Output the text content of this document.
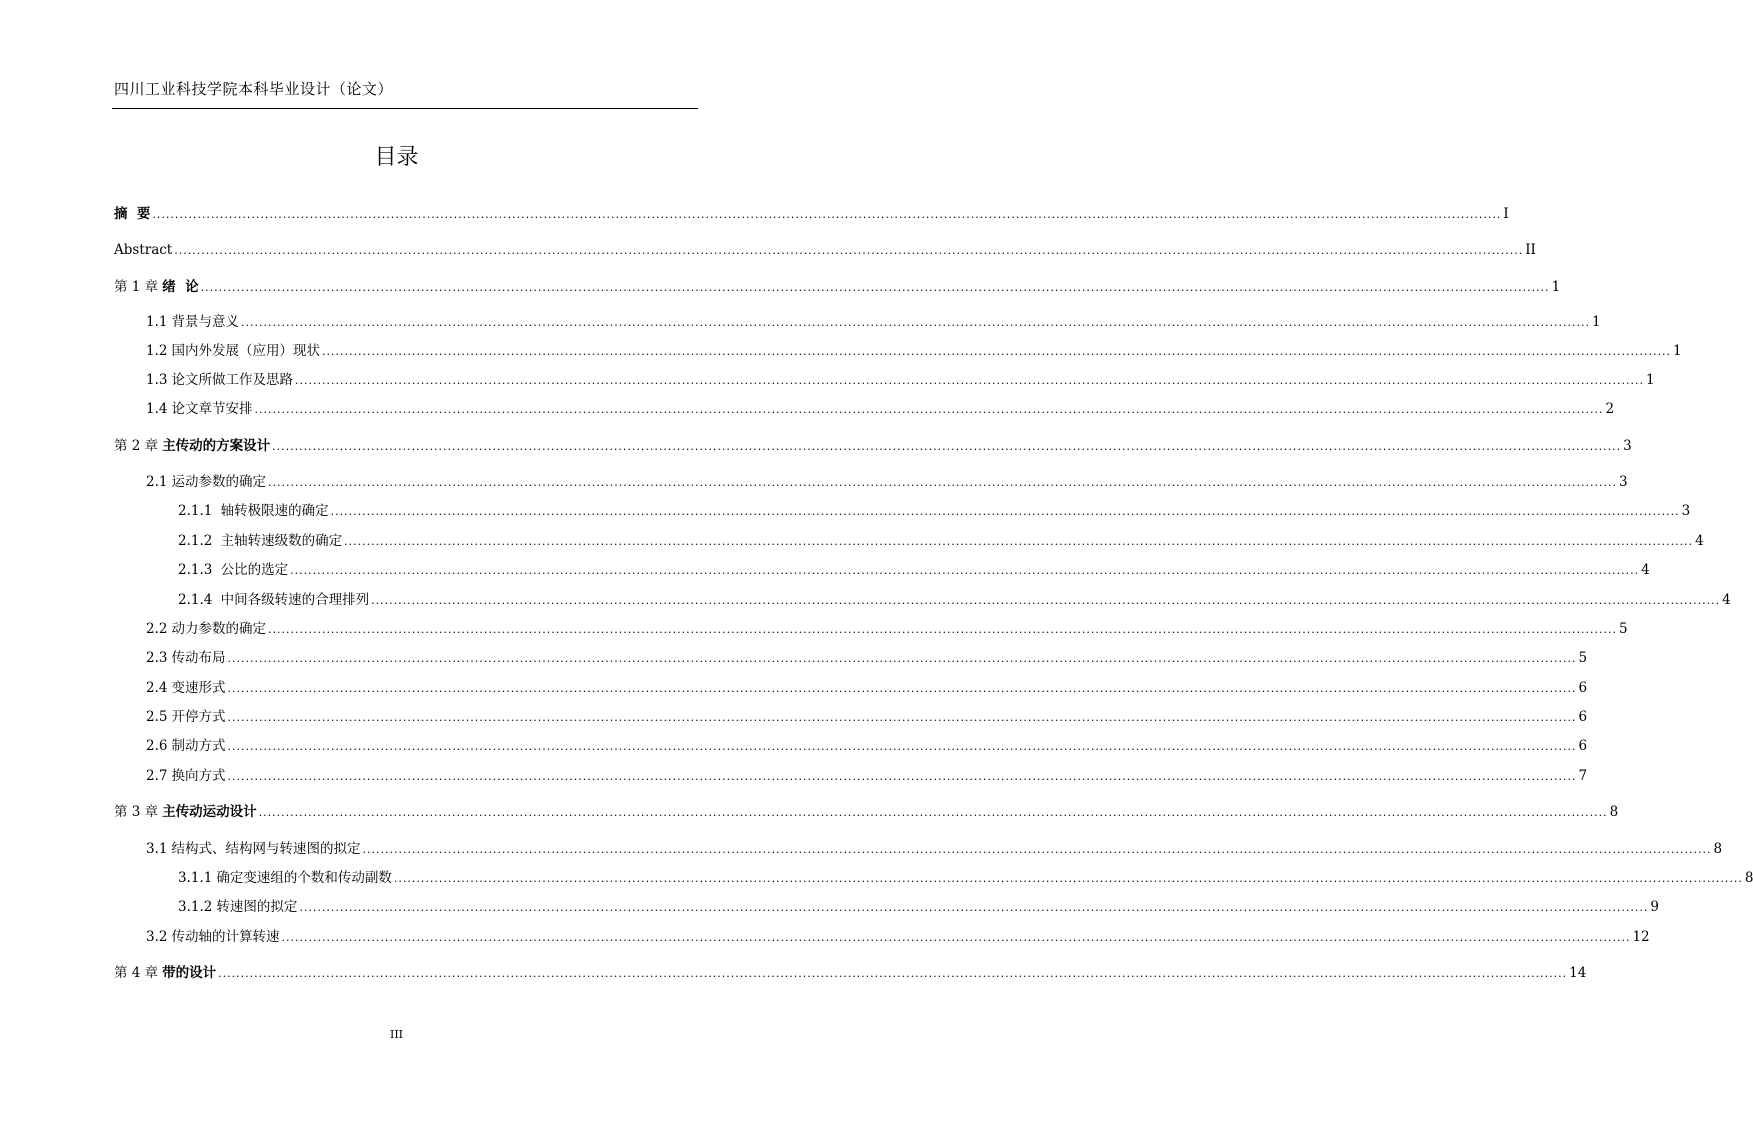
四川工业科技学院本科毕业设计（论文）
目录
摘  要 ............................................................................................................................................................................................................................................................................................................ I
Abstract ............................................................................................................................................................................................................................................................................................................ II
第 1 章 绪  论 ............................................................................................................................................................................................................................................................................................................ 1
1.1 背景与意义 ............................................................................................................................................................................................................................................................................................................ 1
1.2 国内外发展（应用）现状 ............................................................................................................................................................................................................................................................................................................ 1
1.3 论文所做工作及思路 ............................................................................................................................................................................................................................................................................................................ 1
1.4 论文章节安排 ............................................................................................................................................................................................................................................................................................................ 2
第 2 章 主传动的方案设计 ............................................................................................................................................................................................................................................................................................................ 3
2.1 运动参数的确定 ............................................................................................................................................................................................................................................................................................................ 3
2.1.1 轴转极限速的确定 ............................................................................................................................................................................................................................................................................................................ 3
2.1.2 主轴转速级数的确定 ............................................................................................................................................................................................................................................................................................................ 4
2.1.3 公比的选定 ............................................................................................................................................................................................................................................................................................................ 4
2.1.4 中间各级转速的合理排列 ............................................................................................................................................................................................................................................................................................................ 4
2.2 动力参数的确定 ............................................................................................................................................................................................................................................................................................................ 5
2.3 传动布局 ............................................................................................................................................................................................................................................................................................................ 5
2.4 变速形式 ............................................................................................................................................................................................................................................................................................................ 6
2.5 开停方式 ............................................................................................................................................................................................................................................................................................................ 6
2.6 制动方式 ............................................................................................................................................................................................................................................................................................................ 6
2.7 换向方式 ............................................................................................................................................................................................................................................................................................................ 7
第 3 章 主传动运动设计 ............................................................................................................................................................................................................................................................................................................ 8
3.1 结构式、结构网与转速图的拟定 ............................................................................................................................................................................................................................................................................................................ 8
3.1.1 确定变速组的个数和传动副数 ............................................................................................................................................................................................................................................................................................................ 8
3.1.2 转速图的拟定 ............................................................................................................................................................................................................................................................................................................ 9
3.2 传动轴的计算转速 ............................................................................................................................................................................................................................................................................................................ 12
第 4 章 带的设计 ............................................................................................................................................................................................................................................................................................................ 14
III
